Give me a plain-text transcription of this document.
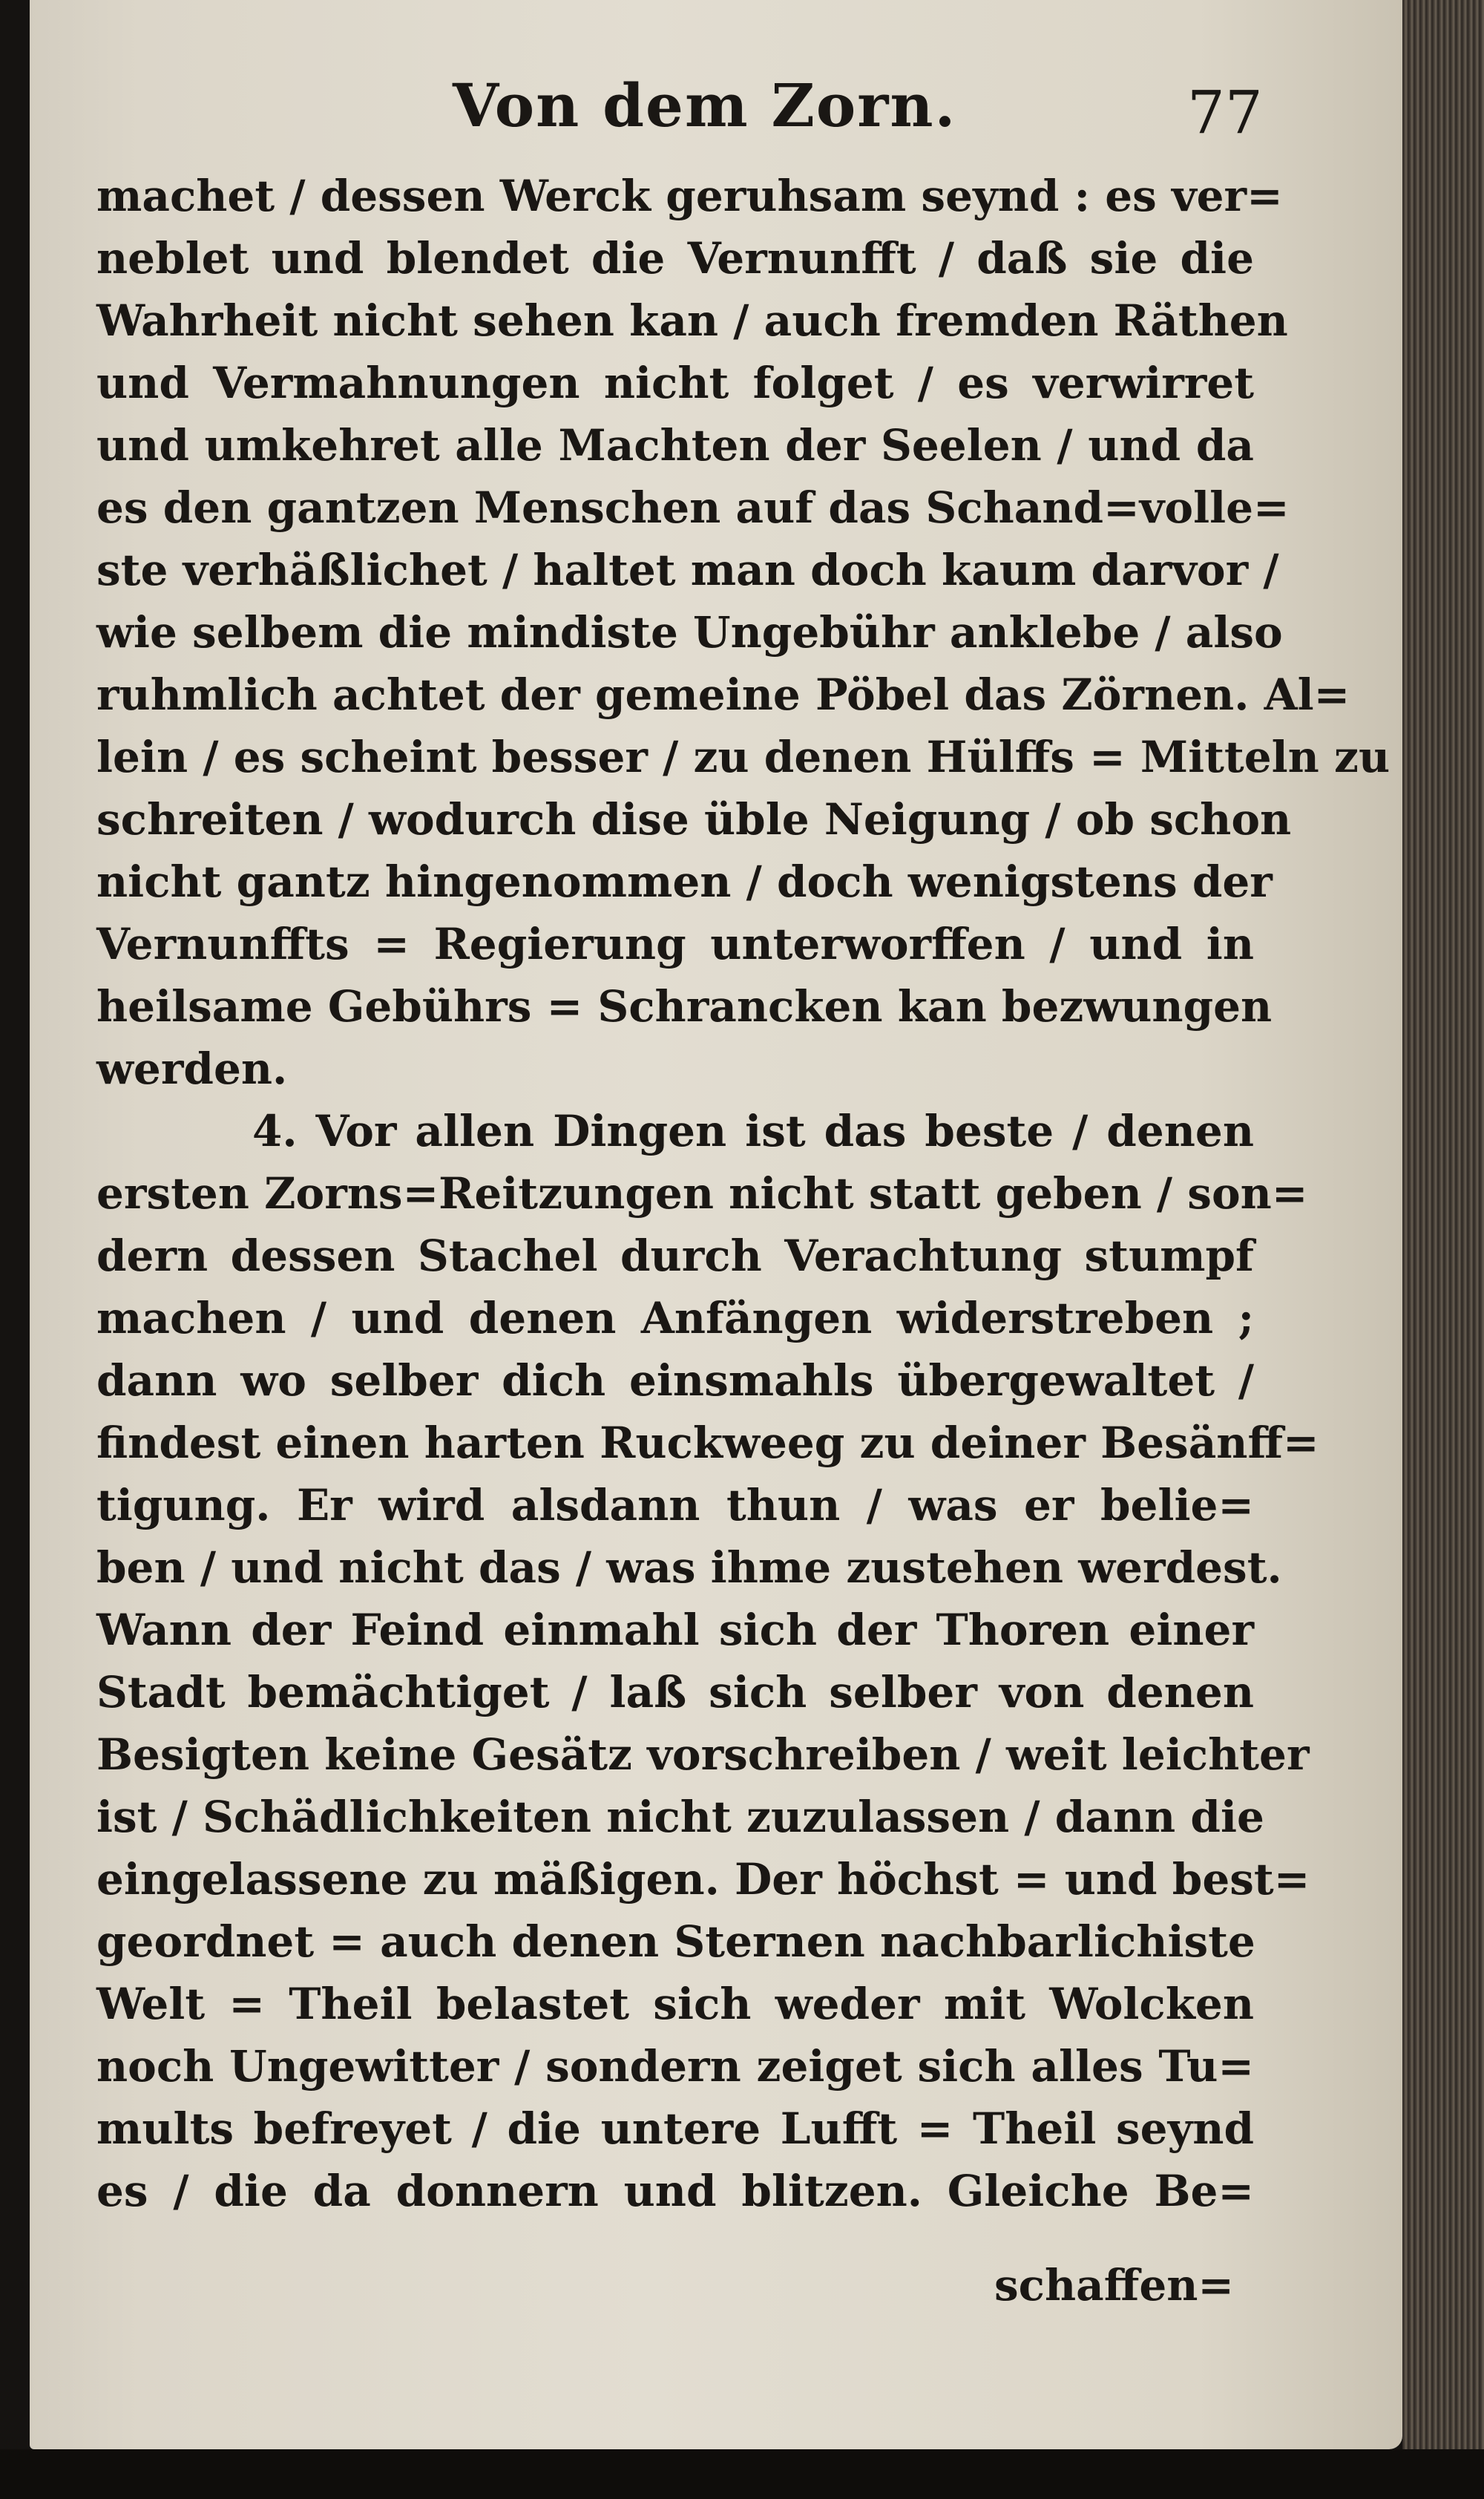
Von dem Zorn.	77
machet / dessen Werck geruhsam seynd : es ver=
neblet und blendet die Vernunfft / daß sie die
Wahrheit nicht sehen kan / auch fremden Räthen
und Vermahnungen nicht folget / es verwirret
und umkehret alle Machten der Seelen / und da
es den gantzen Menschen auf das Schand=volle=
ste verhäßlichet / haltet man doch kaum darvor /
wie selbem die mindiste Ungebühr anklebe / also
ruhmlich achtet der gemeine Pöbel das Zörnen. Al=
lein / es scheint besser / zu denen Hülffs = Mitteln zu
schreiten / wodurch dise üble Neigung / ob schon
nicht gantz hingenommen / doch wenigstens der
Vernunffts = Regierung unterworffen / und in
heilsame Gebührs = Schrancken kan bezwungen
werden.
4. Vor allen Dingen ist das beste / denen
ersten Zorns=Reitzungen nicht statt geben / son=
dern dessen Stachel durch Verachtung stumpf
machen / und denen Anfängen widerstreben ;
dann wo selber dich einsmahls übergewaltet /
findest einen harten Ruckweeg zu deiner Besänff=
tigung. Er wird alsdann thun / was er belie=
ben / und nicht das / was ihme zustehen werdest.
Wann der Feind einmahl sich der Thoren einer
Stadt bemächtiget / laß sich selber von denen
Besigten keine Gesätz vorschreiben / weit leichter
ist / Schädlichkeiten nicht zuzulassen / dann die
eingelassene zu mäßigen. Der höchst = und best=
geordnet = auch denen Sternen nachbarlichiste
Welt = Theil belastet sich weder mit Wolcken
noch Ungewitter / sondern zeiget sich alles Tu=
mults befreyet / die untere Lufft = Theil seynd
es / die da donnern und blitzen. Gleiche Be=
schaffen=
